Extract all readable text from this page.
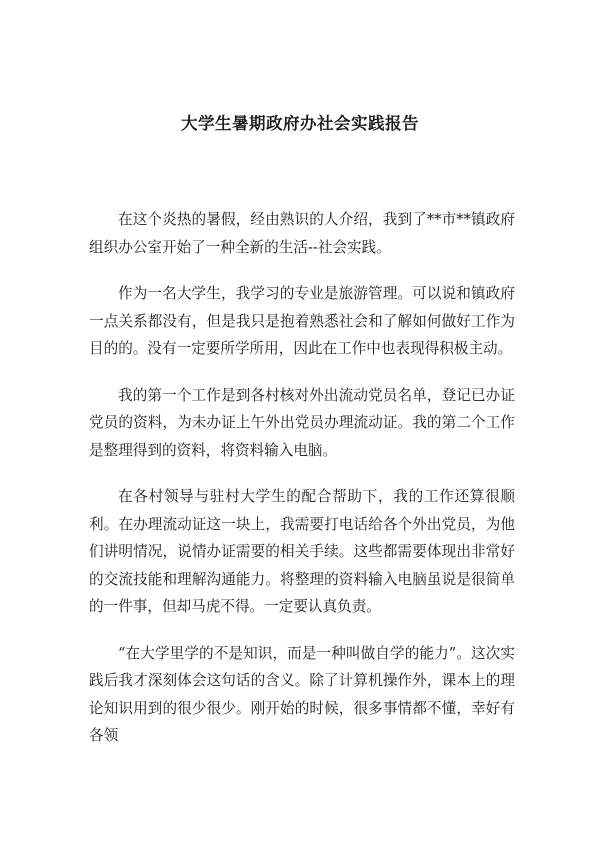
大学生暑期政府办社会实践报告

在这个炎热的暑假，经由熟识的人介绍，我到了**市**镇政府组织办公室开始了一种全新的生活--社会实践。

作为一名大学生，我学习的专业是旅游管理。可以说和镇政府一点关系都没有，但是我只是抱着熟悉社会和了解如何做好工作为目的的。没有一定要所学所用，因此在工作中也表现得积极主动。

我的第一个工作是到各村核对外出流动党员名单，登记已办证党员的资料，为未办证上午外出党员办理流动证。我的第二个工作是整理得到的资料，将资料输入电脑。

在各村领导与驻村大学生的配合帮助下，我的工作还算很顺利。在办理流动证这一块上，我需要打电话给各个外出党员，为他们讲明情况，说情办证需要的相关手续。这些都需要体现出非常好的交流技能和理解沟通能力。将整理的资料输入电脑虽说是很简单的一件事，但却马虎不得。一定要认真负责。

“在大学里学的不是知识，而是一种叫做自学的能力”。这次实践后我才深刻体会这句话的含义。除了计算机操作外，课本上的理论知识用到的很少很少。刚开始的时候，很多事情都不懂，幸好有各领
